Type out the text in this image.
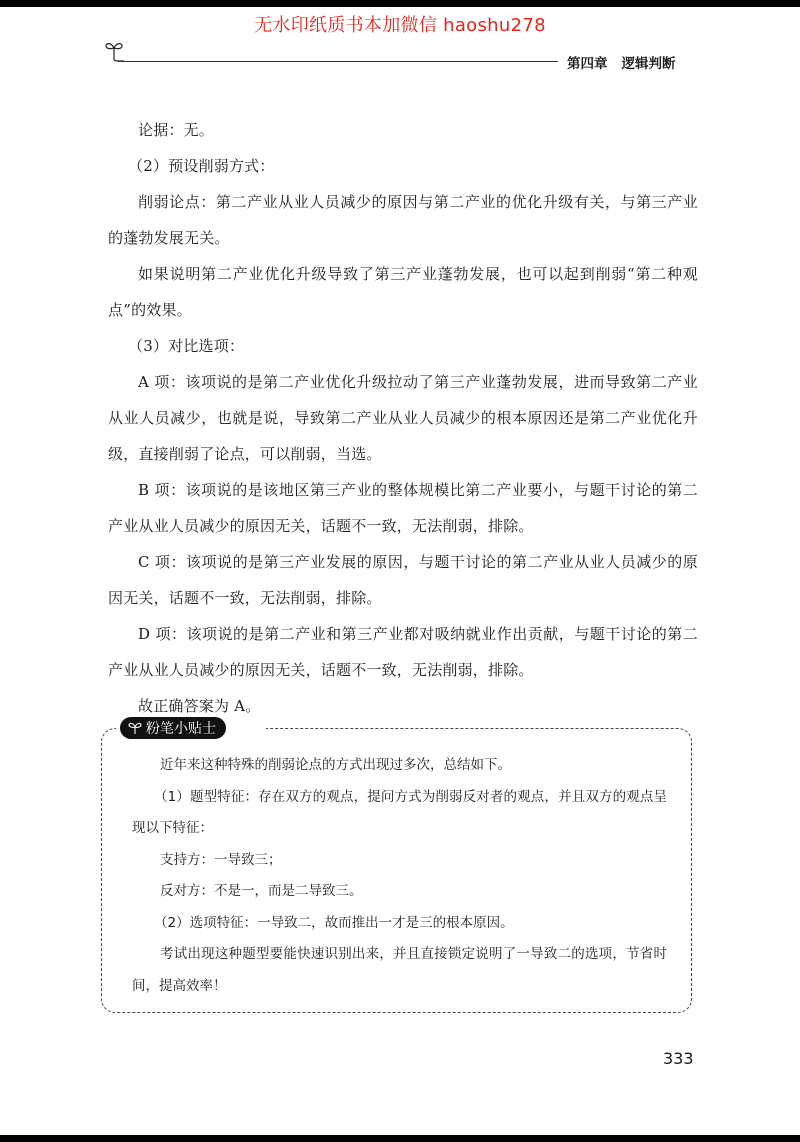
无水印纸质书本加微信 haoshu278
第四章 逻辑判断

论据：无。

（2）预设削弱方式：

削弱论点：第二产业从业人员减少的原因与第二产业的优化升级有关，与第三产业的蓬勃发展无关。

如果说明第二产业优化升级导致了第三产业蓬勃发展，也可以起到削弱“第二种观点”的效果。

（3）对比选项：

A 项：该项说的是第二产业优化升级拉动了第三产业蓬勃发展，进而导致第二产业从业人员减少，也就是说，导致第二产业从业人员减少的根本原因还是第二产业优化升级，直接削弱了论点，可以削弱，当选。

B 项：该项说的是该地区第三产业的整体规模比第二产业要小，与题干讨论的第二产业从业人员减少的原因无关，话题不一致，无法削弱，排除。

C 项：该项说的是第三产业发展的原因，与题干讨论的第二产业从业人员减少的原因无关，话题不一致，无法削弱，排除。

D 项：该项说的是第二产业和第三产业都对吸纳就业作出贡献，与题干讨论的第二产业从业人员减少的原因无关，话题不一致，无法削弱，排除。

故正确答案为 A。

粉笔小贴士

近年来这种特殊的削弱论点的方式出现过多次，总结如下。

（1）题型特征：存在双方的观点，提问方式为削弱反对者的观点，并且双方的观点呈现以下特征：

支持方：一导致三；

反对方：不是一，而是二导致三。

（2）选项特征：一导致二，故而推出一才是三的根本原因。

考试出现这种题型要能快速识别出来，并且直接锁定说明了一导致二的选项，节省时间，提高效率！

333
